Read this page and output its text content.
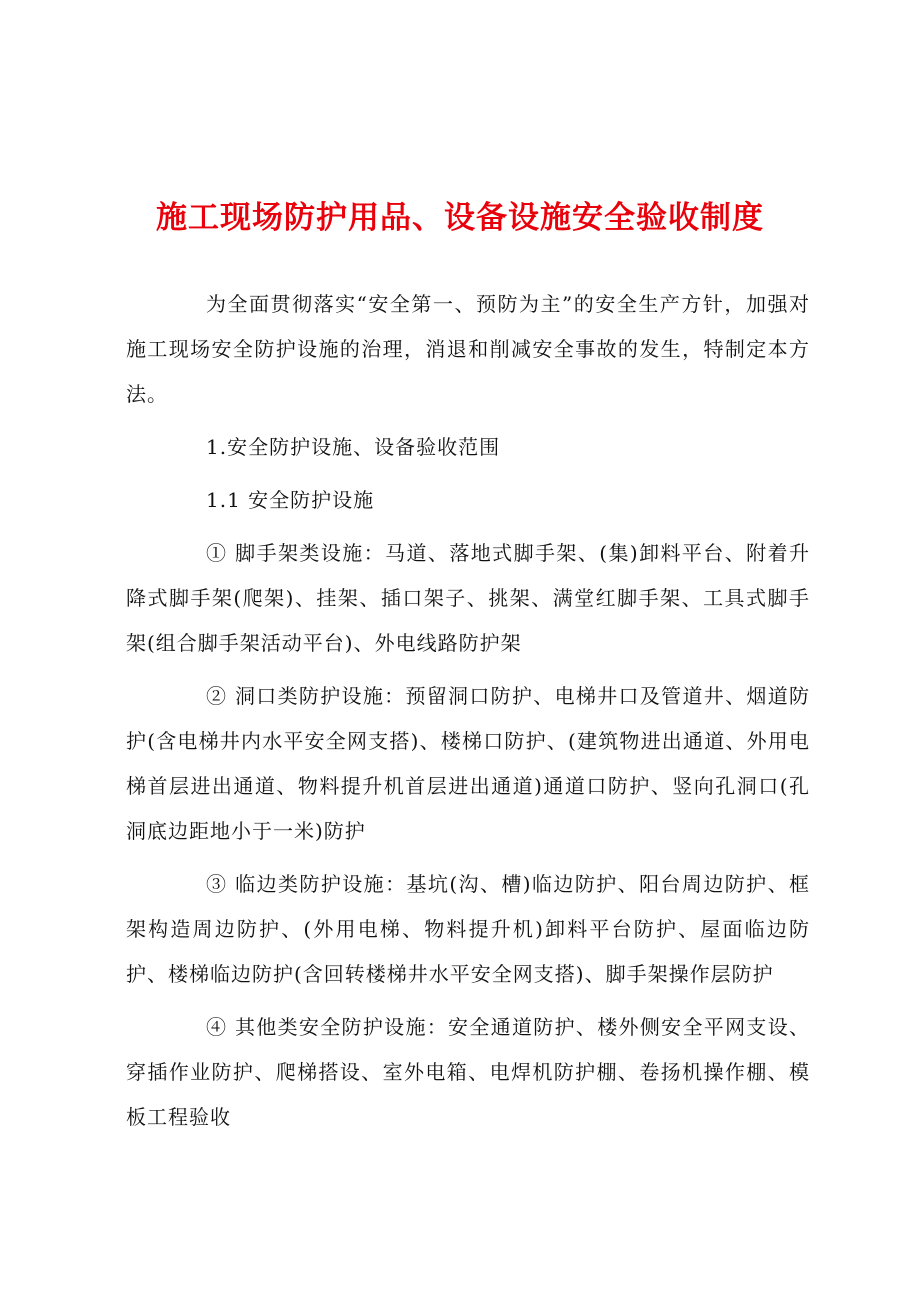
施工现场防护用品、设备设施安全验收制度

为全面贯彻落实“安全第一、预防为主”的安全生产方针，加强对施工现场安全防护设施的治理，消退和削减安全事故的发生，特制定本方法。

1.安全防护设施、设备验收范围

1.1 安全防护设施

① 脚手架类设施：马道、落地式脚手架、(集)卸料平台、附着升降式脚手架(爬架)、挂架、插口架子、挑架、满堂红脚手架、工具式脚手架(组合脚手架活动平台)、外电线路防护架

② 洞口类防护设施：预留洞口防护、电梯井口及管道井、烟道防护(含电梯井内水平安全网支搭)、楼梯口防护、(建筑物进出通道、外用电梯首层进出通道、物料提升机首层进出通道)通道口防护、竖向孔洞口(孔洞底边距地小于一米)防护

③ 临边类防护设施：基坑(沟、槽)临边防护、阳台周边防护、框架构造周边防护、(外用电梯、物料提升机)卸料平台防护、屋面临边防护、楼梯临边防护(含回转楼梯井水平安全网支搭)、脚手架操作层防护

④ 其他类安全防护设施：安全通道防护、楼外侧安全平网支设、穿插作业防护、爬梯搭设、室外电箱、电焊机防护棚、卷扬机操作棚、模板工程验收
